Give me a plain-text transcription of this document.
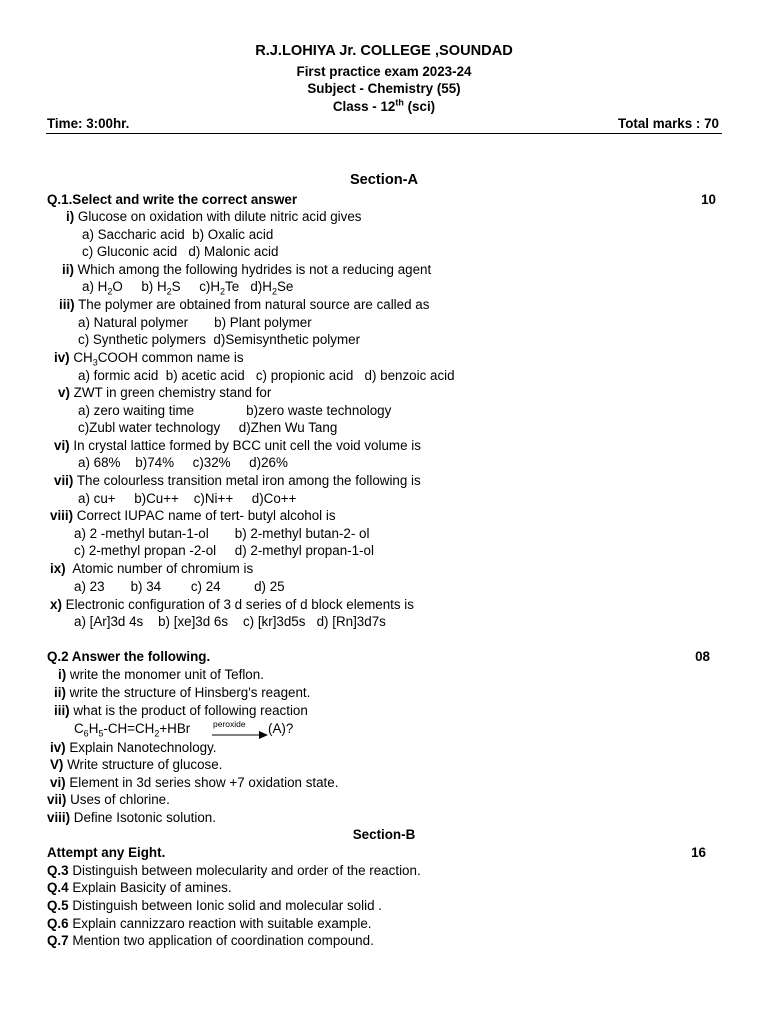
R.J.LOHIYA Jr. COLLEGE ,SOUNDAD
First practice exam 2023-24
Subject - Chemistry (55)
Class - 12th (sci)
Time: 3:00hr.	Total marks : 70
Section-A
Q.1.Select and write the correct answer	10
i) Glucose on oxidation with dilute nitric acid gives
a) Saccharic acid  b) Oxalic acid
c) Gluconic acid   d) Malonic acid
ii) Which among the following hydrides is not a reducing agent
a) $H_2O$     b) $H_2S$     $c)H_2Te$   $d)H_2Se$
iii) The polymer are obtained from natural source are called as
a) Natural polymer       b) Plant polymer
c) Synthetic polymers  d)Semisynthetic polymer
iv) $CH_3COOH$ common name is
a) formic acid  b) acetic acid   c) propionic acid   d) benzoic acid
v) ZWT in green chemistry stand for
a) zero waiting time              b)zero waste technology
c)Zubl water technology     d)Zhen Wu Tang
vi) In crystal lattice formed by BCC unit cell the void volume is
a) 68%    b)74%     c)32%     d)26%
vii) The colourless transition metal iron among the following is
a) cu+     b)Cu++    c)Ni++     d)Co++
viii) Correct IUPAC name of tert- butyl alcohol is
a) 2 -methyl butan-1-ol       b) 2-methyl butan-2- ol
c) 2-methyl propan -2-ol     d) 2-methyl propan-1-ol
ix)  Atomic number of chromium is
a) 23       b) 34        c) 24         d) 25
x) Electronic configuration of 3 d series of d block elements is
a) [Ar]3d 4s    b) [xe]3d 6s    c) [kr]3d5s   d) [Rn]3d7s
Q.2 Answer the following.	08
i) write the monomer unit of Teflon.
ii) write the structure of Hinsberg's reagent.
iii) what is the product of following reaction
$C_6H_5-CH=CH_2+HBr$	peroxide (A)?
iv) Explain Nanotechnology.
V) Write structure of glucose.
vi) Element in 3d series show +7 oxidation state.
vii) Uses of chlorine.
viii) Define Isotonic solution.
Section-B
Attempt any Eight.	16
Q.3 Distinguish between molecularity and order of the reaction.
Q.4 Explain Basicity of amines.
Q.5 Distinguish between Ionic solid and molecular solid .
Q.6 Explain cannizzaro reaction with suitable example.
Q.7 Mention two application of coordination compound.
